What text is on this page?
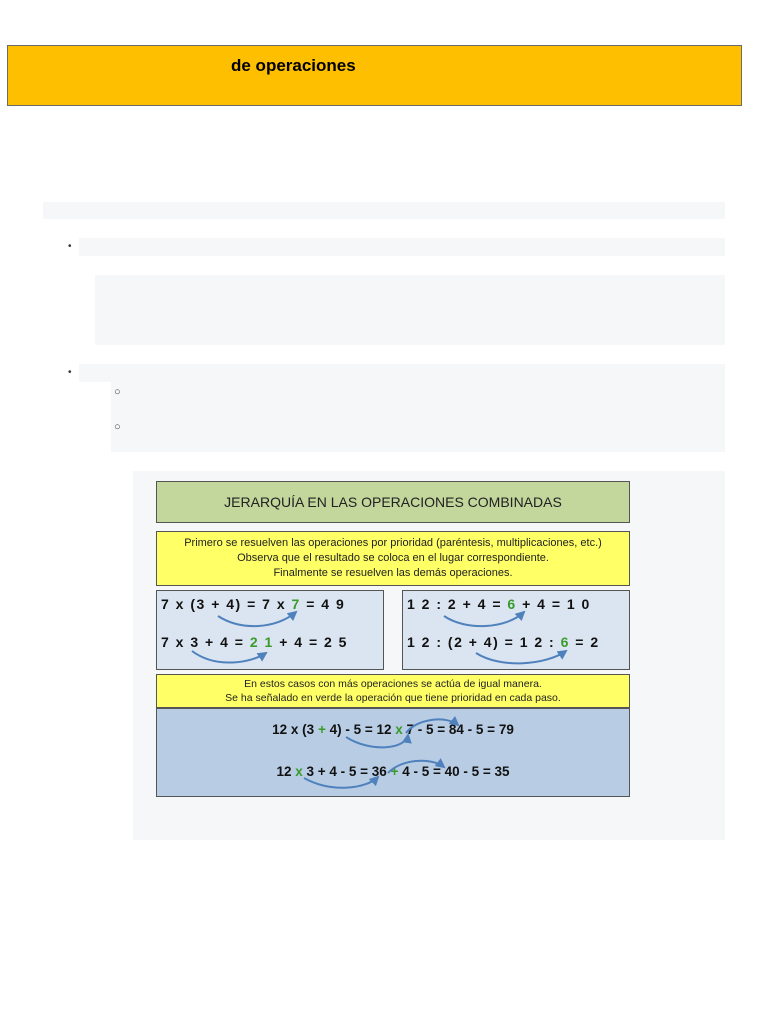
de operaciones
•
•
○
○
JERARQUÍA EN LAS OPERACIONES COMBINADAS
Primero se resuelven las operaciones por prioridad (paréntesis, multiplicaciones, etc.)
Observa que el resultado se coloca en el lugar correspondiente.
Finalmente se resuelven las demás operaciones.
7 x (3 + 4) = 7 x 7 = 4 9
7 x 3 + 4 = 2 1 + 4 = 2 5
1 2 : 2 + 4 = 6 + 4 = 1 0
1 2 : (2 + 4) = 1 2 : 6 = 2
En estos casos con más operaciones se actúa de igual manera.
Se ha señalado en verde la operación que tiene prioridad en cada paso.
12 x (3 + 4) - 5 = 12 x 7 - 5 = 84 - 5 = 79
12 x 3 + 4 - 5 = 36 + 4 - 5 = 40 - 5 = 35
